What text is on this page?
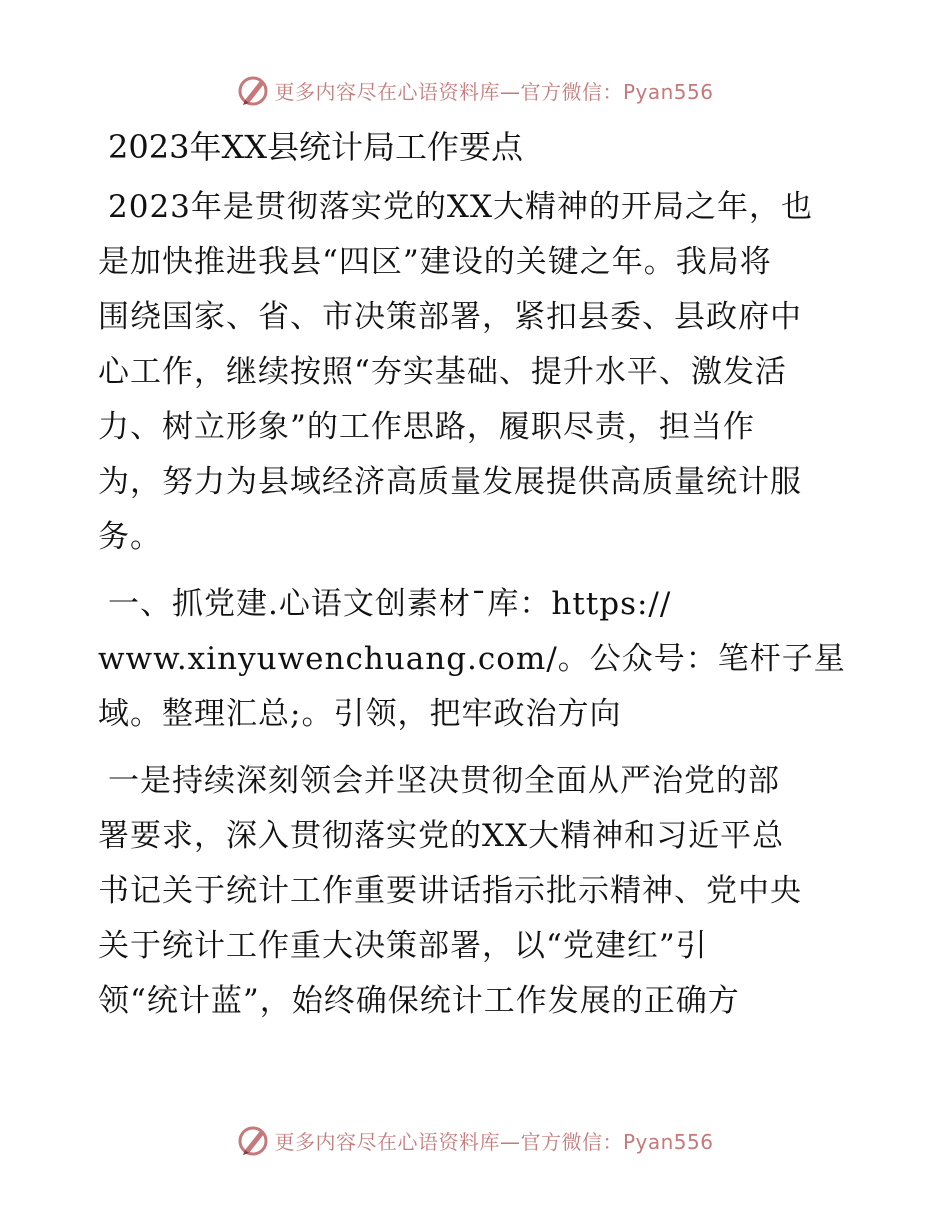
更多内容尽在心语资料库—官方微信：Pyan556
2023年XX县统计局工作要点
2023年是贯彻落实党的XX大精神的开局之年，也
是加快推进我县“四区”建设的关键之年。我局将
围绕国家、省、市决策部署，紧扣县委、县政府中
心工作，继续按照“夯实基础、提升水平、激发活
力、树立形象”的工作思路，履职尽责，担当作
为，努力为县域经济高质量发展提供高质量统计服
务。
一、抓党建.心语文创素材¯库：https://
www.xinyuwenchuang.com/。公众号：笔杆子星
域。整理汇总;。引领，把牢政治方向
一是持续深刻领会并坚决贯彻全面从严治党的部
署要求，深入贯彻落实党的XX大精神和习近平总
书记关于统计工作重要讲话指示批示精神、党中央
关于统计工作重大决策部署，以“党建红”引
领“统计蓝”，始终确保统计工作发展的正确方
更多内容尽在心语资料库—官方微信：Pyan556
